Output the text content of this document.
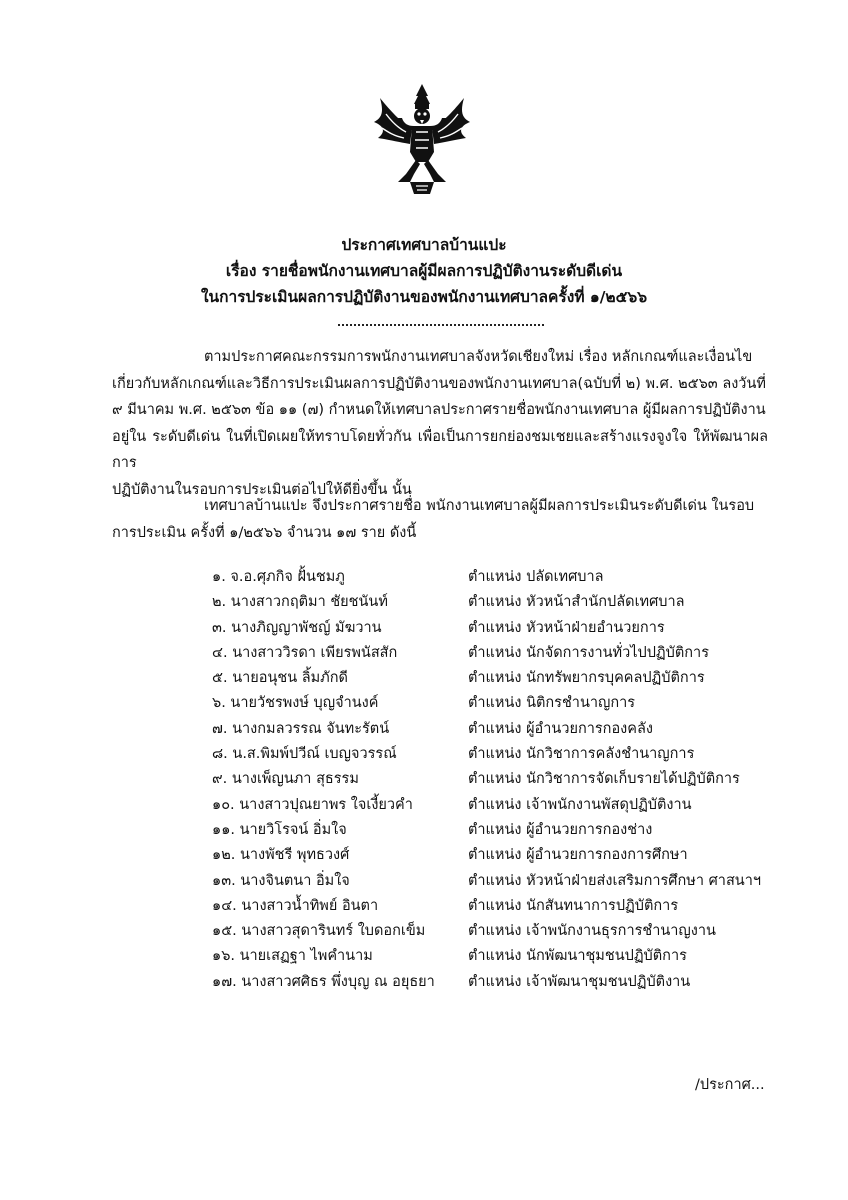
ประกาศเทศบาลบ้านแปะ
เรื่อง รายชื่อพนักงานเทศบาลผู้มีผลการปฏิบัติงานระดับดีเด่น
ในการประเมินผลการปฏิบัติงานของพนักงานเทศบาลครั้งที่ ๑/๒๕๖๖
ตามประกาศคณะกรรมการพนักงานเทศบาลจังหวัดเชียงใหม่ เรื่อง หลักเกณฑ์และเงื่อนไข
เกี่ยวกับหลักเกณฑ์และวิธีการประเมินผลการปฏิบัติงานของพนักงานเทศบาล(ฉบับที่ ๒) พ.ศ. ๒๕๖๓ ลงวันที่
๙ มีนาคม พ.ศ. ๒๕๖๓ ข้อ ๑๑ (๗) กำหนดให้เทศบาลประกาศรายชื่อพนักงานเทศบาล ผู้มีผลการปฏิบัติงาน
อยู่ใน ระดับดีเด่น ในที่เปิดเผยให้ทราบโดยทั่วกัน เพื่อเป็นการยกย่องชมเชยและสร้างแรงจูงใจ ให้พัฒนาผลการ
ปฏิบัติงานในรอบการประเมินต่อไปให้ดียิ่งขึ้น นั้น
เทศบาลบ้านแปะ จึงประกาศรายชื่อ พนักงานเทศบาลผู้มีผลการประเมินระดับดีเด่น ในรอบ
การประเมิน ครั้งที่ ๑/๒๕๖๖ จำนวน ๑๗ ราย ดังนี้
๑. จ.อ.ศุภกิจ ฝั้นชมภู	ตำแหน่ง ปลัดเทศบาล
๒. นางสาวกฤติมา ชัยชนันท์	ตำแหน่ง หัวหน้าสำนักปลัดเทศบาล
๓. นางภิญญาพัชญ์ มัฆวาน	ตำแหน่ง หัวหน้าฝ่ายอำนวยการ
๔. นางสาววิรดา เพียรพนัสสัก	ตำแหน่ง นักจัดการงานทั่วไปปฏิบัติการ
๕. นายอนุชน ลิ้มภักดี	ตำแหน่ง นักทรัพยากรบุคคลปฏิบัติการ
๖. นายวัชรพงษ์ บุญจำนงค์	ตำแหน่ง นิติกรชำนาญการ
๗. นางกมลวรรณ จันทะรัตน์	ตำแหน่ง ผู้อำนวยการกองคลัง
๘. น.ส.พิมพ์ปวีณ์ เบญจวรรณ์	ตำแหน่ง นักวิชาการคลังชำนาญการ
๙. นางเพ็ญนภา สุธรรม	ตำแหน่ง นักวิชาการจัดเก็บรายได้ปฏิบัติการ
๑๐. นางสาวปุณยาพร ใจเงี้ยวคำ	ตำแหน่ง เจ้าพนักงานพัสดุปฏิบัติงาน
๑๑. นายวิโรจน์ อิ่มใจ	ตำแหน่ง ผู้อำนวยการกองช่าง
๑๒. นางพัชรี พุทธวงศ์	ตำแหน่ง ผู้อำนวยการกองการศึกษา
๑๓. นางจินตนา อิ่มใจ	ตำแหน่ง หัวหน้าฝ่ายส่งเสริมการศึกษา ศาสนาฯ
๑๔. นางสาวน้ำทิพย์ อินตา	ตำแหน่ง นักสันทนาการปฏิบัติการ
๑๕. นางสาวสุดารินทร์ ใบดอกเข็ม	ตำแหน่ง เจ้าพนักงานธุรการชำนาญงาน
๑๖. นายเสฏฐา ไพคำนาม	ตำแหน่ง นักพัฒนาชุมชนปฏิบัติการ
๑๗. นางสาวศศิธร พึ่งบุญ ณ อยุธยา ตำแหน่ง เจ้าพัฒนาชุมชนปฏิบัติงาน
/ประกาศ...
